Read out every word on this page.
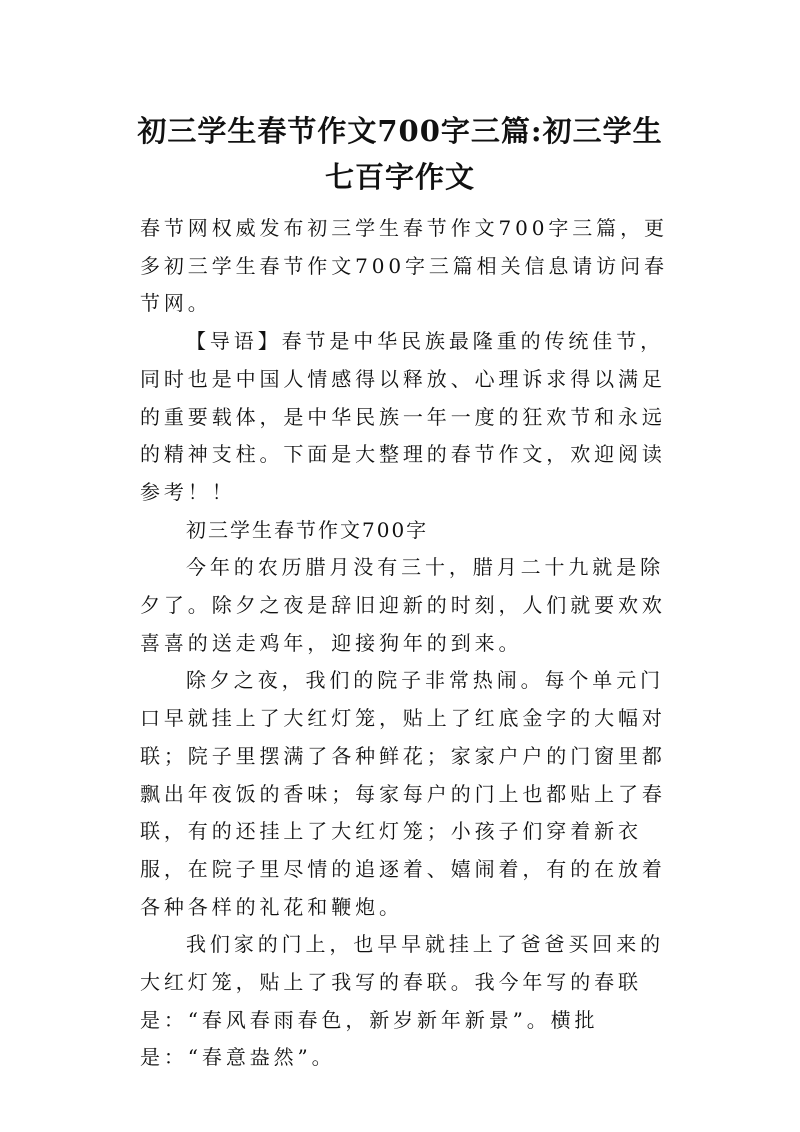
初三学生春节作文700字三篇:初三学生
七百字作文

春节网权威发布初三学生春节作文700字三篇，更多初三学生春节作文700字三篇相关信息请访问春节网。

【导语】春节是中华民族最隆重的传统佳节，同时也是中国人情感得以释放、心理诉求得以满足的重要载体，是中华民族一年一度的狂欢节和永远的精神支柱。下面是大整理的春节作文，欢迎阅读参考！！

初三学生春节作文700字

今年的农历腊月没有三十，腊月二十九就是除夕了。除夕之夜是辞旧迎新的时刻，人们就要欢欢喜喜的送走鸡年，迎接狗年的到来。

除夕之夜，我们的院子非常热闹。每个单元门口早就挂上了大红灯笼，贴上了红底金字的大幅对联；院子里摆满了各种鲜花；家家户户的门窗里都飘出年夜饭的香味；每家每户的门上也都贴上了春联，有的还挂上了大红灯笼；小孩子们穿着新衣服，在院子里尽情的追逐着、嬉闹着，有的在放着各种各样的礼花和鞭炮。

我们家的门上，也早早就挂上了爸爸买回来的大红灯笼，贴上了我写的春联。我今年写的春联是：“春风春雨春色，新岁新年新景”。横批是：“春意盎然”。
